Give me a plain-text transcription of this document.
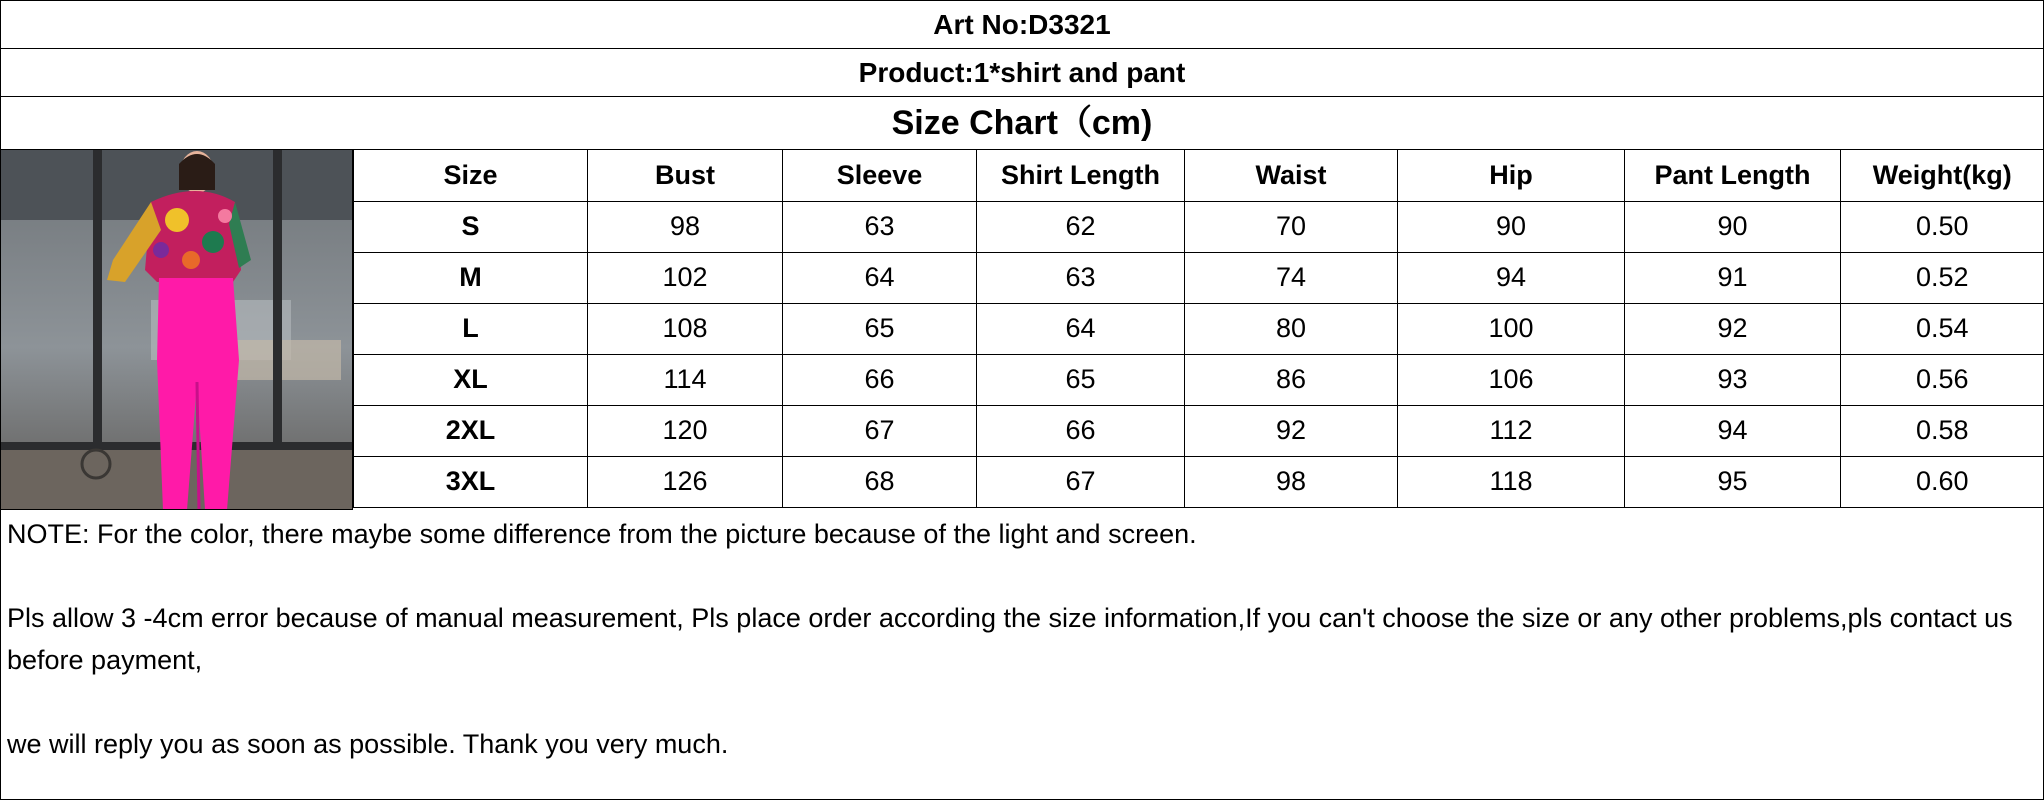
Art No:D3321
Product:1*shirt and pant
Size Chart（cm)
Size	Bust	Sleeve	Shirt Length	Waist	Hip	Pant Length	Weight(kg)
S	98	63	62	70	90	90	0.50
M	102	64	63	74	94	91	0.52
L	108	65	64	80	100	92	0.54
XL	114	66	65	86	106	93	0.56
2XL	120	67	66	92	112	94	0.58
3XL	126	68	67	98	118	95	0.60

NOTE: For the color, there maybe some difference from the picture because of the light and screen.

Pls allow 3 -4cm error because of manual measurement, Pls place order according the size information,If you can't choose the size or any other problems,pls contact us before payment,

we will reply you as soon as possible. Thank you very much.
